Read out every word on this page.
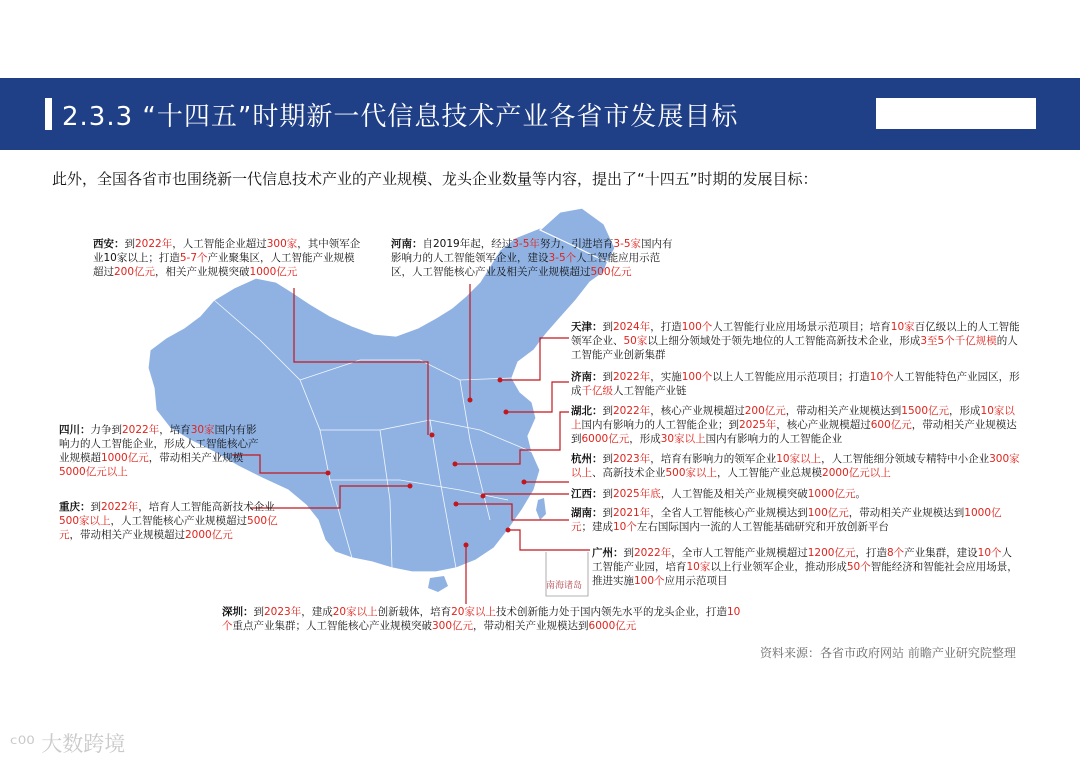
2.3.3 “十四五”时期新一代信息技术产业各省市发展目标
此外，全国各省市也围绕新一代信息技术产业的产业规模、龙头企业数量等内容，提出了“十四五”时期的发展目标：
南海诸岛
西安：到2022年，人工智能企业超过300家，其中领军企业10家以上；打造5-7个产业聚集区，人工智能产业规模超过200亿元，相关产业规模突破1000亿元
河南：自2019年起，经过3-5年努力，引进培育3-5家国内有影响力的人工智能领军企业，建设3-5个人工智能应用示范区，人工智能核心产业及相关产业规模超过500亿元
天津：到2024年，打造100个人工智能行业应用场景示范项目；培育10家百亿级以上的人工智能领军企业、50家以上细分领域处于领先地位的人工智能高新技术企业，形成3至5个千亿规模的人工智能产业创新集群
济南：到2022年，实施100个以上人工智能应用示范项目；打造10个人工智能特色产业园区，形成千亿级人工智能产业链
湖北：到2022年，核心产业规模超过200亿元，带动相关产业规模达到1500亿元，形成10家以上国内有影响力的人工智能企业；到2025年，核心产业规模超过600亿元，带动相关产业规模达到6000亿元，形成30家以上国内有影响力的人工智能企业
杭州：到2023年，培育有影响力的领军企业10家以上，人工智能细分领域专精特中小企业300家以上、高新技术企业500家以上，人工智能产业总规模2000亿元以上
江西：到2025年底，人工智能及相关产业规模突破1000亿元。
湖南：到2021年，全省人工智能核心产业规模达到100亿元，带动相关产业规模达到1000亿元；建成10个左右国际国内一流的人工智能基础研究和开放创新平台
广州：到2022年，全市人工智能产业规模超过1200亿元，打造8个产业集群，建设10个人工智能产业园，培育10家以上行业领军企业，推动形成50个智能经济和智能社会应用场景，推进实施100个应用示范项目
深圳：到2023年，建成20家以上创新载体，培育20家以上技术创新能力处于国内领先水平的龙头企业，打造10个重点产业集群；人工智能核心产业规模突破300亿元，带动相关产业规模达到6000亿元
重庆：到2022年，培育人工智能高新技术企业500家以上，人工智能核心产业规模超过500亿元，带动相关产业规模超过2000亿元
四川：力争到2022年，培育30家国内有影响力的人工智能企业，形成人工智能核心产业规模超1000亿元，带动相关产业规模5000亿元以上
资料来源：各省市政府网站 前瞻产业研究院整理
ᶜ⁰⁰ 大数跨境
